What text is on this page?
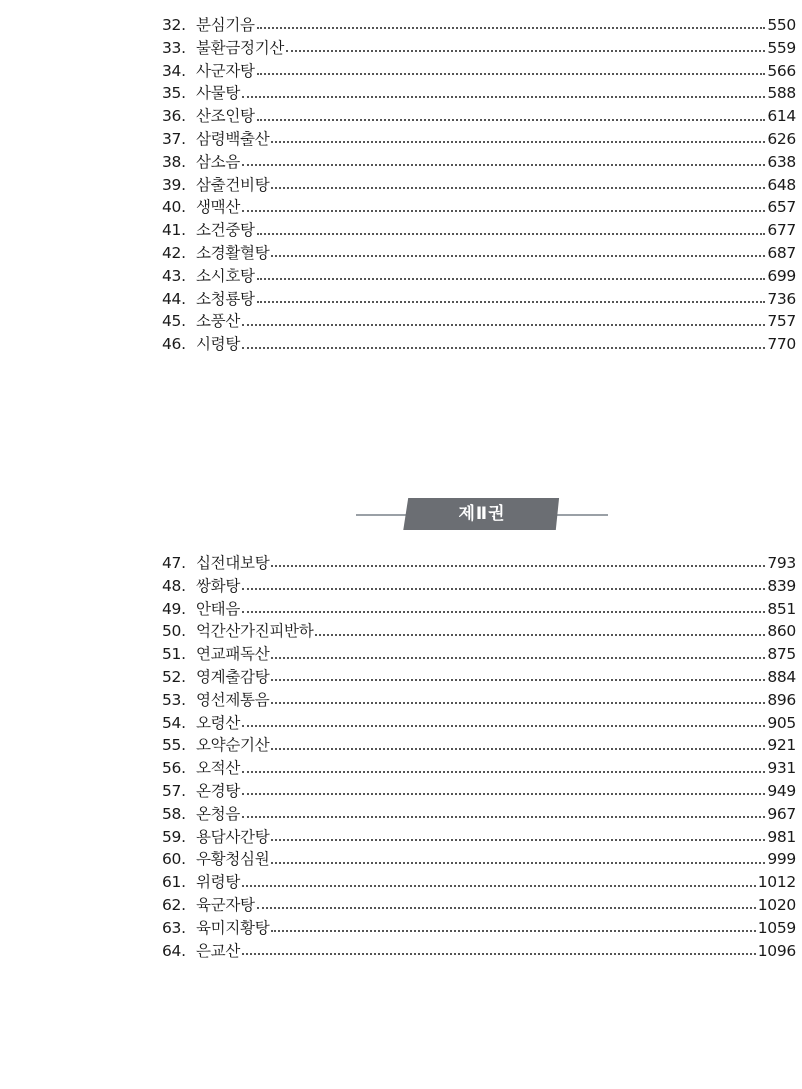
32. 분심기음	550
33. 불환금정기산	559
34. 사군자탕	566
35. 사물탕	588
36. 산조인탕	614
37. 삼령백출산	626
38. 삼소음	638
39. 삼출건비탕	648
40. 생맥산	657
41. 소건중탕	677
42. 소경활혈탕	687
43. 소시호탕	699
44. 소청룡탕	736
45. 소풍산	757
46. 시령탕	770
제Ⅱ권
47. 십전대보탕	793
48. 쌍화탕	839
49. 안태음	851
50. 억간산가진피반하	860
51. 연교패독산	875
52. 영계출감탕	884
53. 영선제통음	896
54. 오령산	905
55. 오약순기산	921
56. 오적산	931
57. 온경탕	949
58. 온청음	967
59. 용담사간탕	981
60. 우황청심원	999
61. 위령탕	1012
62. 육군자탕	1020
63. 육미지황탕	1059
64. 은교산	1096
